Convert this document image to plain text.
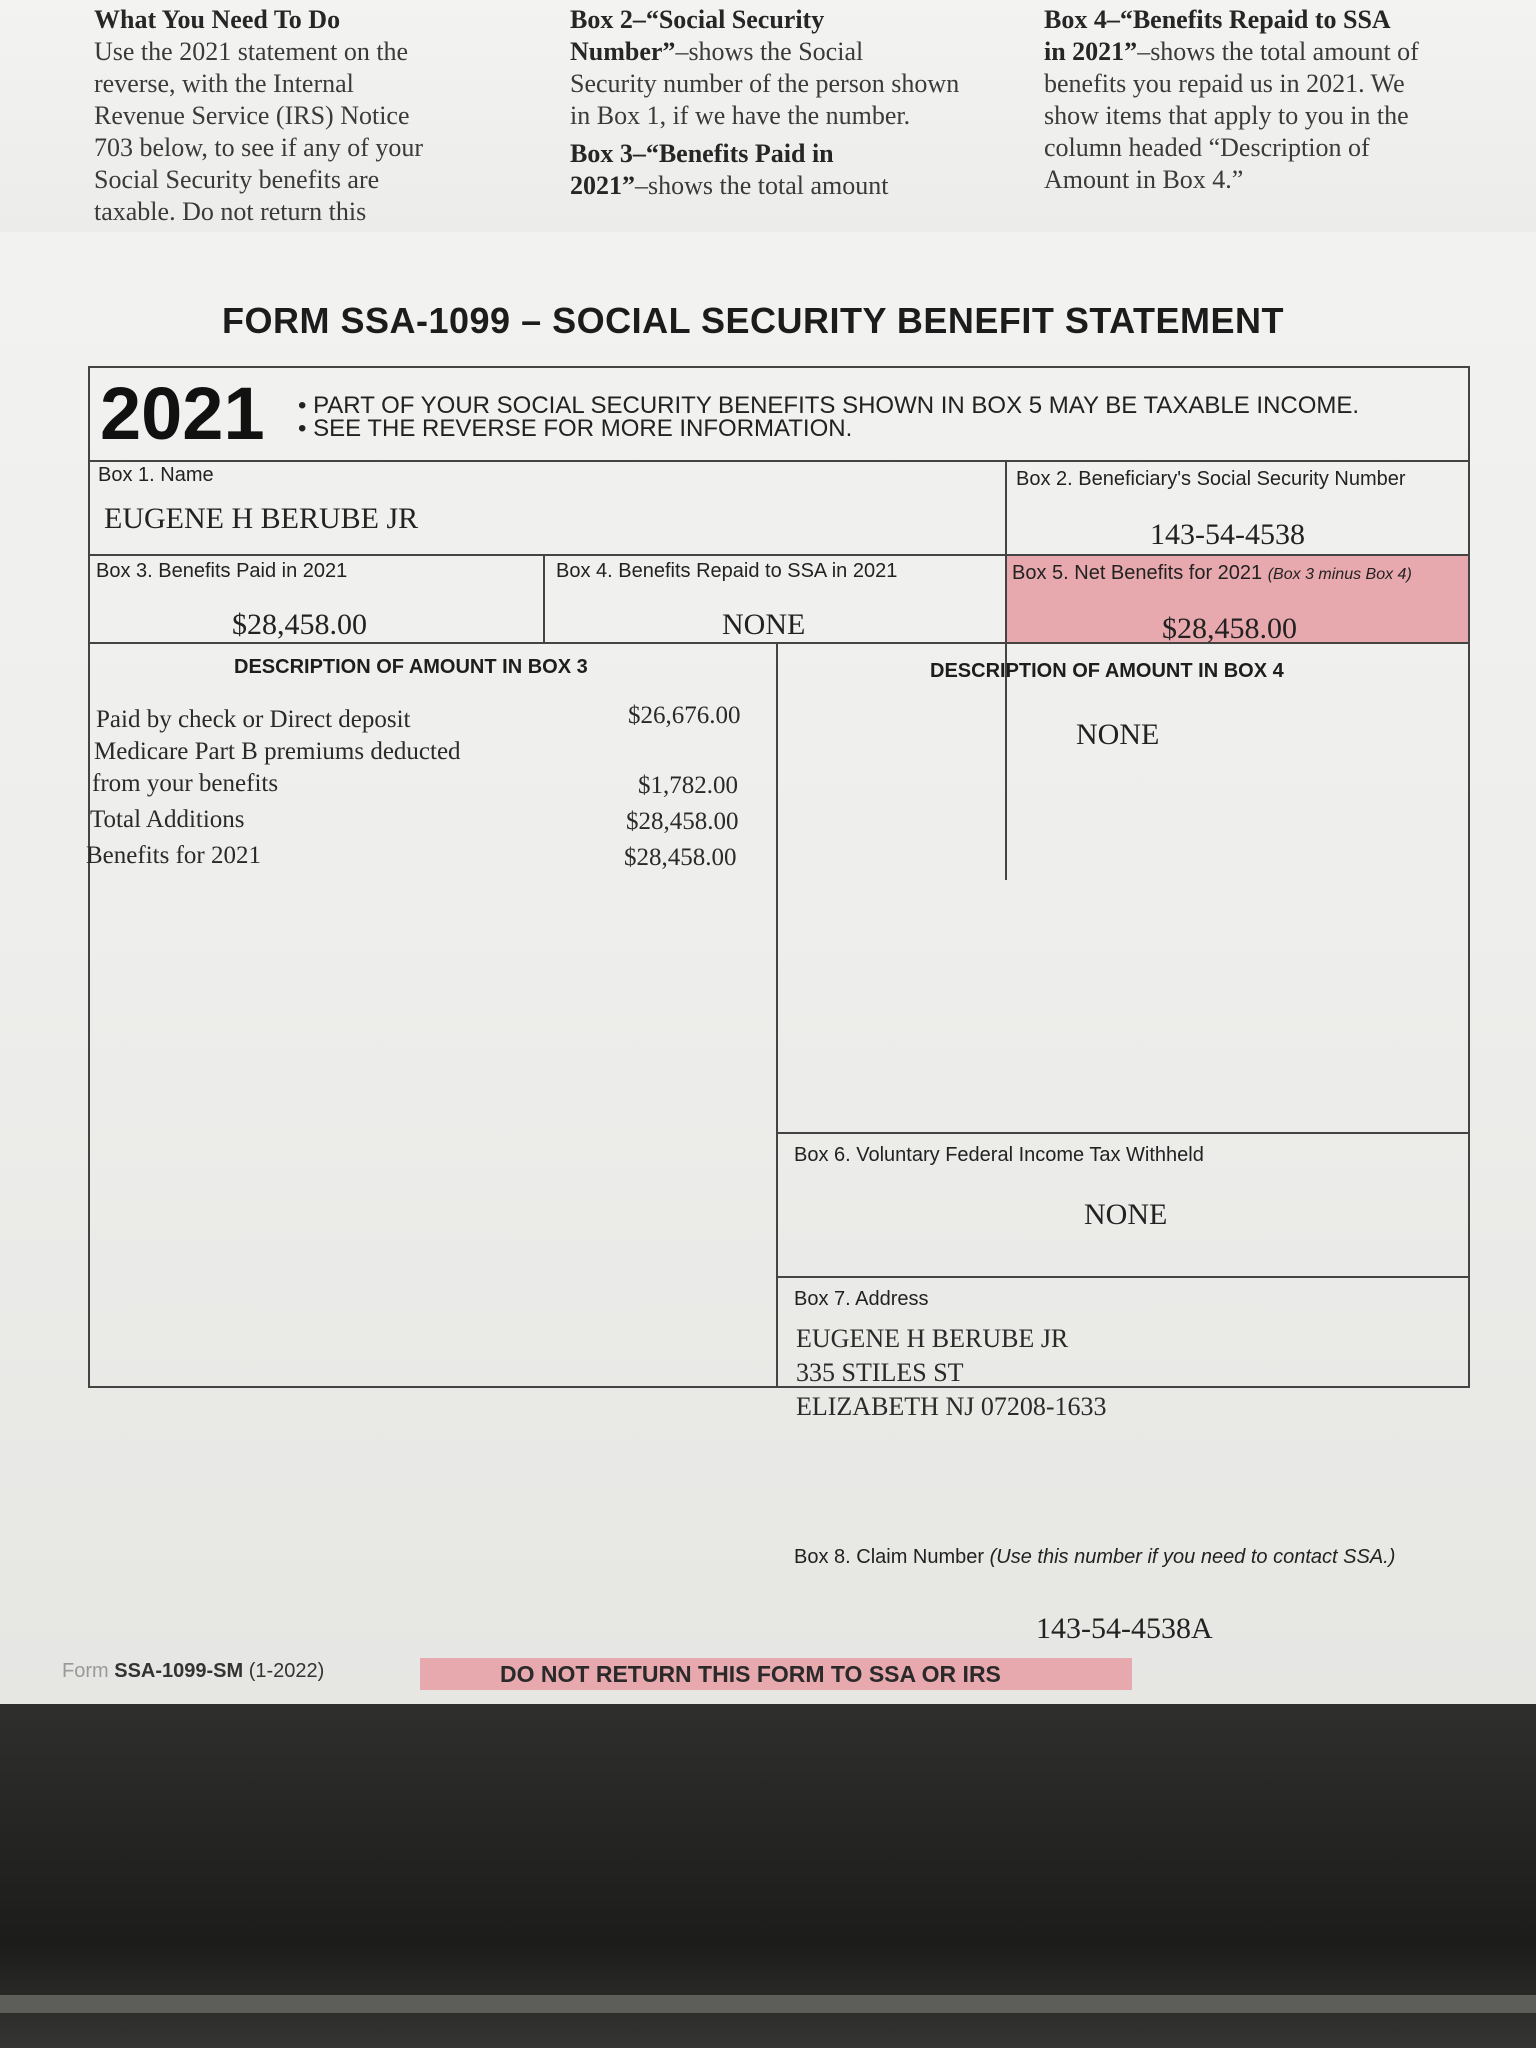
What You Need To Do
Use the 2021 statement on the
reverse, with the Internal
Revenue Service (IRS) Notice
703 below, to see if any of your
Social Security benefits are
taxable. Do not return this
Box 2–“Social Security
Number”–shows the Social
Security number of the person shown
in Box 1, if we have the number.
Box 3–“Benefits Paid in
2021”–shows the total amount
Box 4–“Benefits Repaid to SSA
in 2021”–shows the total amount of
benefits you repaid us in 2021. We
show items that apply to you in the
column headed “Description of
Amount in Box 4.”
FORM SSA-1099 – SOCIAL SECURITY BENEFIT STATEMENT
2021 • PART OF YOUR SOCIAL SECURITY BENEFITS SHOWN IN BOX 5 MAY BE TAXABLE INCOME.
• SEE THE REVERSE FOR MORE INFORMATION.
Box 1. Name
EUGENE H BERUBE JR
Box 2. Beneficiary's Social Security Number
143-54-4538
Box 3. Benefits Paid in 2021
$28,458.00
Box 4. Benefits Repaid to SSA in 2021
NONE
Box 5. Net Benefits for 2021 (Box 3 minus Box 4)
$28,458.00
DESCRIPTION OF AMOUNT IN BOX 3
Paid by check or Direct deposit	$26,676.00
Medicare Part B premiums deducted
from your benefits	$1,782.00
Total Additions	$28,458.00
Benefits for 2021	$28,458.00
DESCRIPTION OF AMOUNT IN BOX 4
NONE
Box 6. Voluntary Federal Income Tax Withheld
NONE
Box 7. Address
EUGENE H BERUBE JR
335 STILES ST
ELIZABETH NJ 07208-1633
Box 8. Claim Number (Use this number if you need to contact SSA.)
143-54-4538A
Form SSA-1099-SM (1-2022)	DO NOT RETURN THIS FORM TO SSA OR IRS
